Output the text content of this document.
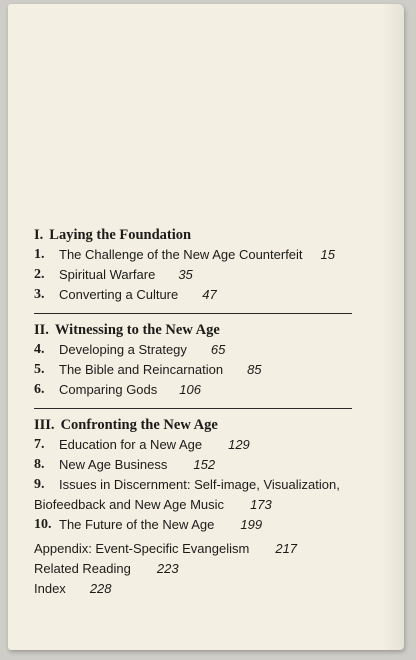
I. Laying the Foundation
1.	The Challenge of the New Age Counterfeit 15
2.	Spiritual Warfare 35
3.	Converting a Culture 47
II. Witnessing to the New Age
4.	Developing a Strategy 65
5.	The Bible and Reincarnation 85
6.	Comparing Gods 106
III. Confronting the New Age
7.	Education for a New Age 129
8.	New Age Business 152
9.	Issues in Discernment: Self-image, Visualization,
Biofeedback and New Age Music 173
10. The Future of the New Age 199
Appendix: Event-Specific Evangelism 217
Related Reading 223
Index 228
